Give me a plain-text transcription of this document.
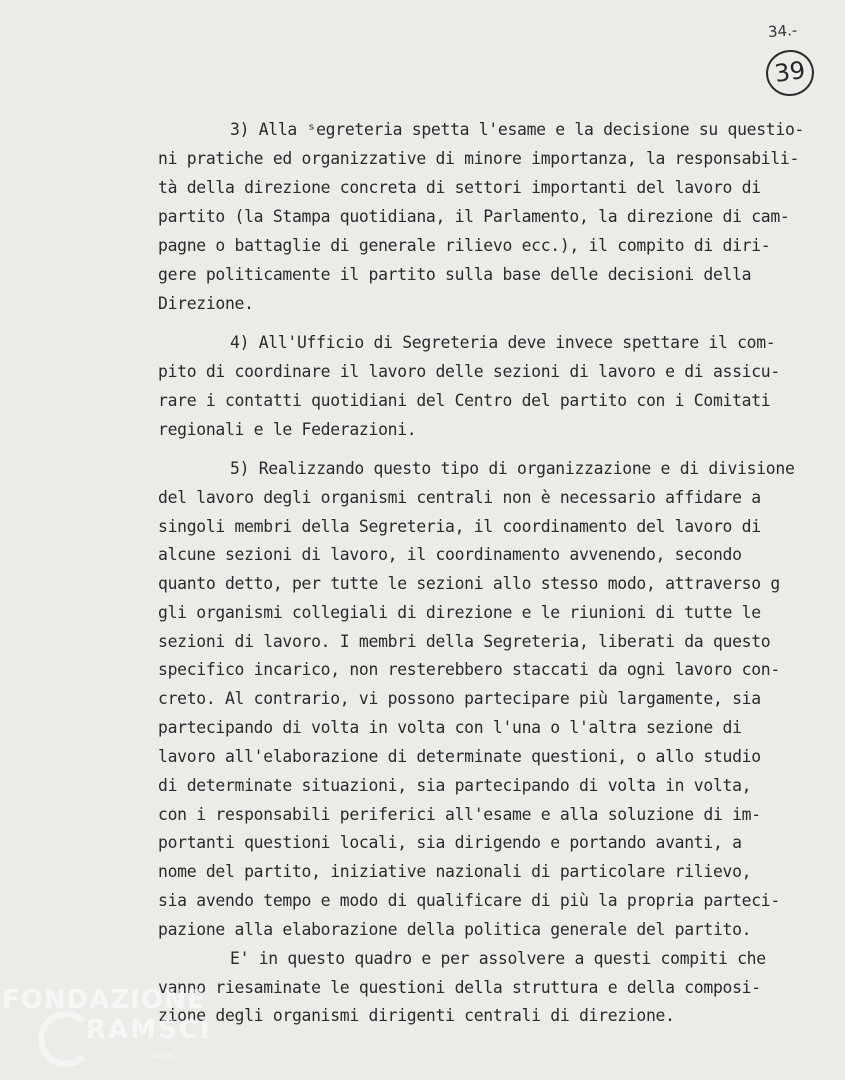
34.-
39
3) Alla ˢegreteria spetta l'esame e la decisione su questio-
ni pratiche ed organizzative di minore importanza, la responsabili-
tà della direzione concreta di settori importanti del lavoro di
partito (la Stampa quotidiana, il Parlamento, la direzione di cam-
pagne o battaglie di generale rilievo ecc.), il compito di diri-
gere politicamente il partito sulla base delle decisioni della
Direzione.
4) All'Ufficio di Segreteria deve invece spettare il com-
pito di coordinare il lavoro delle sezioni di lavoro e di assicu-
rare i contatti quotidiani del Centro del partito con i Comitati
regionali e le Federazioni.
5) Realizzando questo tipo di organizzazione e di divisione
del lavoro degli organismi centrali non è necessario affidare a
singoli membri della Segreteria, il coordinamento del lavoro di
alcune sezioni di lavoro, il coordinamento avvenendo, secondo
quanto detto, per tutte le sezioni allo stesso modo, attraverso g
gli organismi collegiali di direzione e le riunioni di tutte le
sezioni di lavoro. I membri della Segreteria, liberati da questo
specifico incarico, non resterebbero staccati da ogni lavoro con-
creto. Al contrario, vi possono partecipare più largamente, sia
partecipando di volta in volta con l'una o l'altra sezione di
lavoro all'elaborazione di determinate questioni, o allo studio
di determinate situazioni, sia partecipando di volta in volta,
con i responsabili periferici all'esame e alla soluzione di im-
portanti questioni locali, sia dirigendo e portando avanti, a
nome del partito, iniziative nazionali di particolare rilievo,
sia avendo tempo e modo di qualificare di più la propria parteci-
pazione alla elaborazione della politica generale del partito.
E' in questo quadro e per assolvere a questi compiti che
vanno riesaminate le questioni della struttura e della composi-
zione degli organismi dirigenti centrali di direzione.
FONDAZIONE
RAMSCI
onlus
